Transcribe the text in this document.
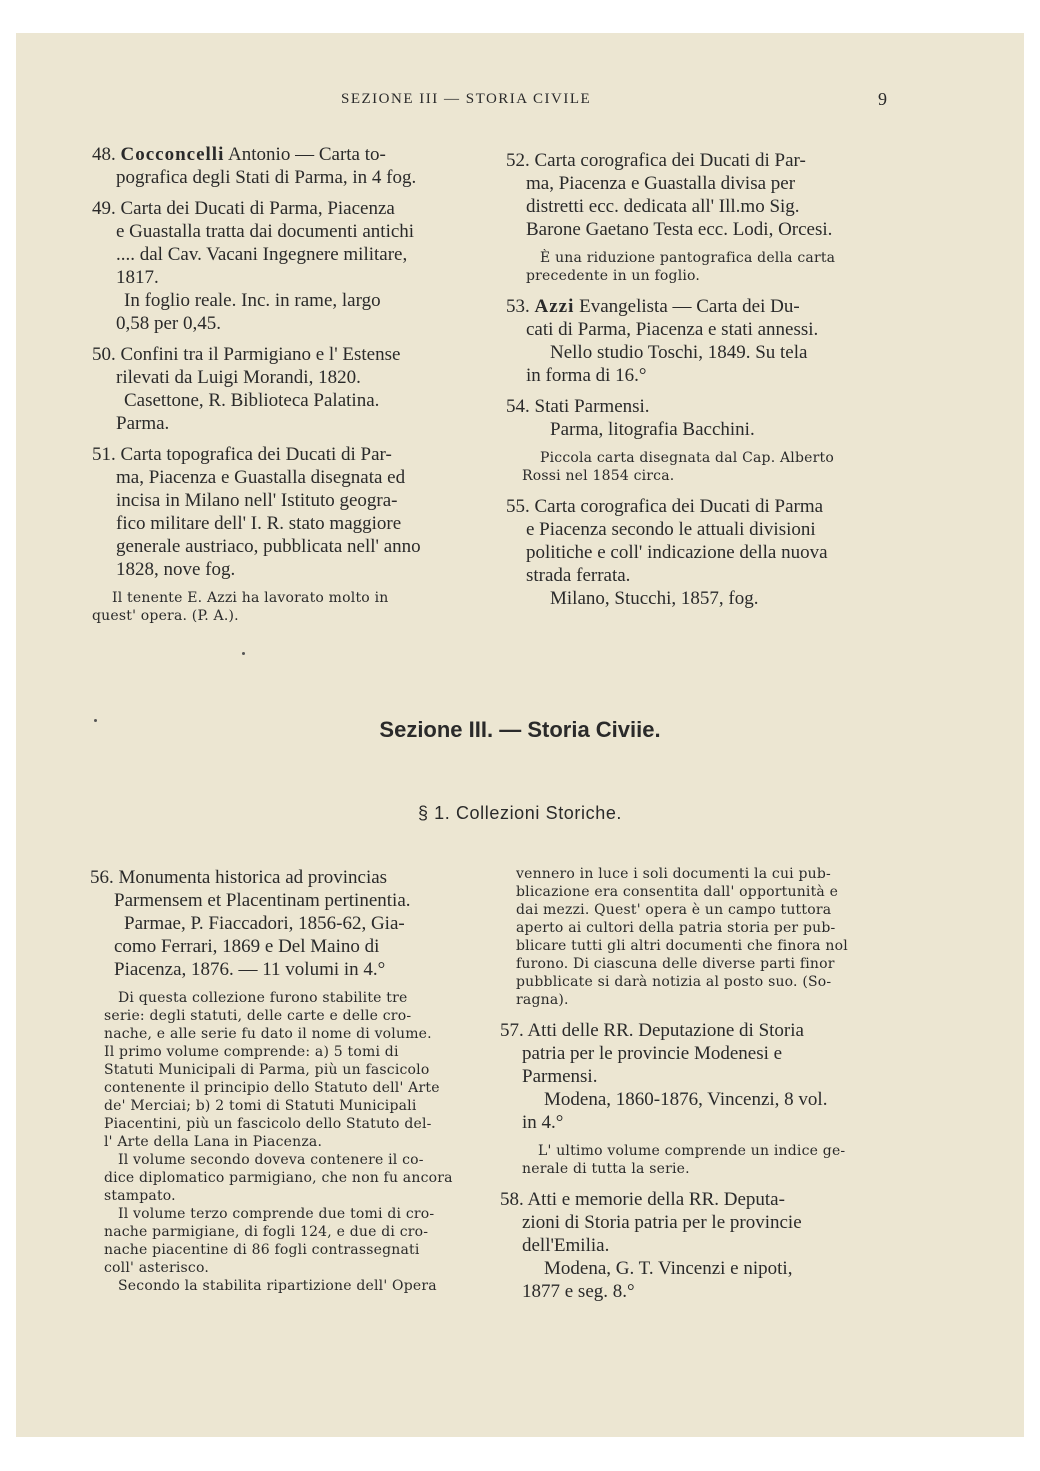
SEZIONE III — STORIA CIVILE	9

48. Cocconcelli Antonio — Carta to-

pografica degli Stati di Parma, in 4 fog.

49. Carta dei Ducati di Parma, Piacenza

e Guastalla tratta dai documenti antichi

.... dal Cav. Vacani Ingegnere militare,

1817.

In foglio reale. Inc. in rame, largo

0,58 per 0,45.

50. Confini tra il Parmigiano e l' Estense

rilevati da Luigi Morandi, 1820.

Casettone, R. Biblioteca Palatina.

Parma.

51. Carta topografica dei Ducati di Par-

ma, Piacenza e Guastalla disegnata ed

incisa in Milano nell' Istituto geogra-

fico militare dell' I. R. stato maggiore

generale austriaco, pubblicata nell' anno

1828, nove fog.

Il tenente E. Azzi ha lavorato molto in

quest' opera. (P. A.).

52. Carta corografica dei Ducati di Par-

ma, Piacenza e Guastalla divisa per

distretti ecc. dedicata all' Ill.mo Sig.

Barone Gaetano Testa ecc. Lodi, Orcesi.

È una riduzione pantografica della carta

precedente in un foglio.

53. Azzi Evangelista — Carta dei Du-

cati di Parma, Piacenza e stati annessi.

Nello studio Toschi, 1849. Su tela

in forma di 16.°

54. Stati Parmensi.

Parma, litografia Bacchini.

Piccola carta disegnata dal Cap. Alberto

Rossi nel 1854 circa.

55. Carta corografica dei Ducati di Parma

e Piacenza secondo le attuali divisioni

politiche e coll' indicazione della nuova

strada ferrata.

Milano, Stucchi, 1857, fog.

Sezione III. — Storia Civiie.
§ 1. Collezioni Storiche.

56. Monumenta historica ad provincias

Parmensem et Placentinam pertinentia.

Parmae, P. Fiaccadori, 1856-62, Gia-

como Ferrari, 1869 e Del Maino di

Piacenza, 1876. — 11 volumi in 4.°

Di questa collezione furono stabilite tre

serie: degli statuti, delle carte e delle cro-

nache, e alle serie fu dato il nome di volume.

Il primo volume comprende: a) 5 tomi di

Statuti Municipali di Parma, più un fascicolo

contenente il principio dello Statuto dell' Arte

de' Merciai; b) 2 tomi di Statuti Municipali

Piacentini, più un fascicolo dello Statuto del-

l' Arte della Lana in Piacenza.

Il volume secondo doveva contenere il co-

dice diplomatico parmigiano, che non fu ancora

stampato.

Il volume terzo comprende due tomi di cro-

nache parmigiane, di fogli 124, e due di cro-

nache piacentine di 86 fogli contrassegnati

coll' asterisco.

Secondo la stabilita ripartizione dell' Opera

vennero in luce i soli documenti la cui pub-

blicazione era consentita dall' opportunità e

dai mezzi. Quest' opera è un campo tuttora

aperto ai cultori della patria storia per pub-

blicare tutti gli altri documenti che finora nol

furono. Di ciascuna delle diverse parti finor

pubblicate si darà notizia al posto suo. (So-

ragna).

57. Atti delle RR. Deputazione di Storia

patria per le provincie Modenesi e

Parmensi.

Modena, 1860-1876, Vincenzi, 8 vol.

in 4.°

L' ultimo volume comprende un indice ge-

nerale di tutta la serie.

58. Atti e memorie della RR. Deputa-

zioni di Storia patria per le provincie

dell'Emilia.

Modena, G. T. Vincenzi e nipoti,

1877 e seg. 8.°
